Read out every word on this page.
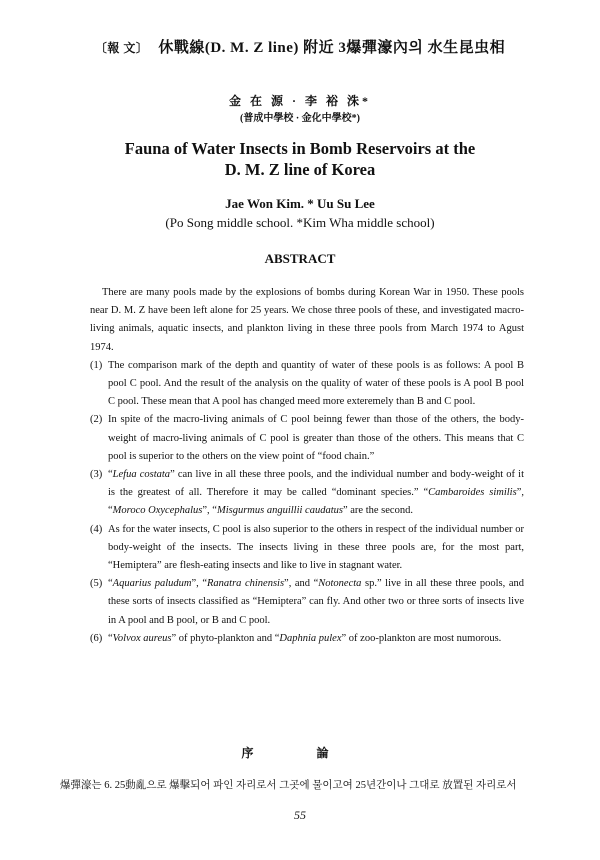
〔報 文〕 休戰線(D. M. Z line) 附近 3爆彈濠內의 水生昆虫相
金 在 源 · 李 裕 洙*
(普成中學校 · 金化中學校*)
Fauna of Water Insects in Bomb Reservoirs at the
D. M. Z line of Korea
Jae Won Kim. * Uu Su Lee
(Po Song middle school. *Kim Wha middle school)
ABSTRACT

There are many pools made by the explosions of bombs during Korean War in 1950. These pools near D. M. Z have been left alone for 25 years. We chose three pools of these, and investigated macro-living animals, aquatic insects, and plankton living in these three pools from March 1974 to Agust 1974.

(1) The comparison mark of the depth and quantity of water of these pools is as follows: A pool B pool C pool. And the result of the analysis on the quality of water of these pools is A pool B pool C pool. These mean that A pool has changed meed more exteremely than B and C pool.
(2) In spite of the macro-living animals of C pool beinng fewer than those of the others, the body-weight of macro-living animals of C pool is greater than those of the others. This means that C pool is superior to the others on the view point of “food chain.”
(3) “Lefua costata” can live in all these three pools, and the individual number and body-weight of it is the greatest of all. Therefore it may be called “dominant species.” “Cambaroides similis”, “Moroco Oxycephalus”, “Misgurmus anguillii caudatus” are the second.
(4) As for the water insects, C pool is also superior to the others in respect of the individual number or body-weight of the insects. The insects living in these three pools are, for the most part, “Hemiptera” are flesh-eating insects and like to live in stagnant water.
(5) “Aquarius paludum”, “Ranatra chinensis”, and “Notonecta sp.” live in all these three pools, and these sorts of insects classified as “Hemiptera” can fly. And other two or three sorts of insects live in A pool and B pool, or B and C pool.
(6) “Volvox aureus” of phyto-plankton and “Daphnia pulex” of zoo-plankton are most numorous.
序 論
爆彈濠는 6. 25動亂으로 爆擊되어 파인 자리로서 그곳에 물이고여 25년간이나 그대로 放置된 자리로서
55
